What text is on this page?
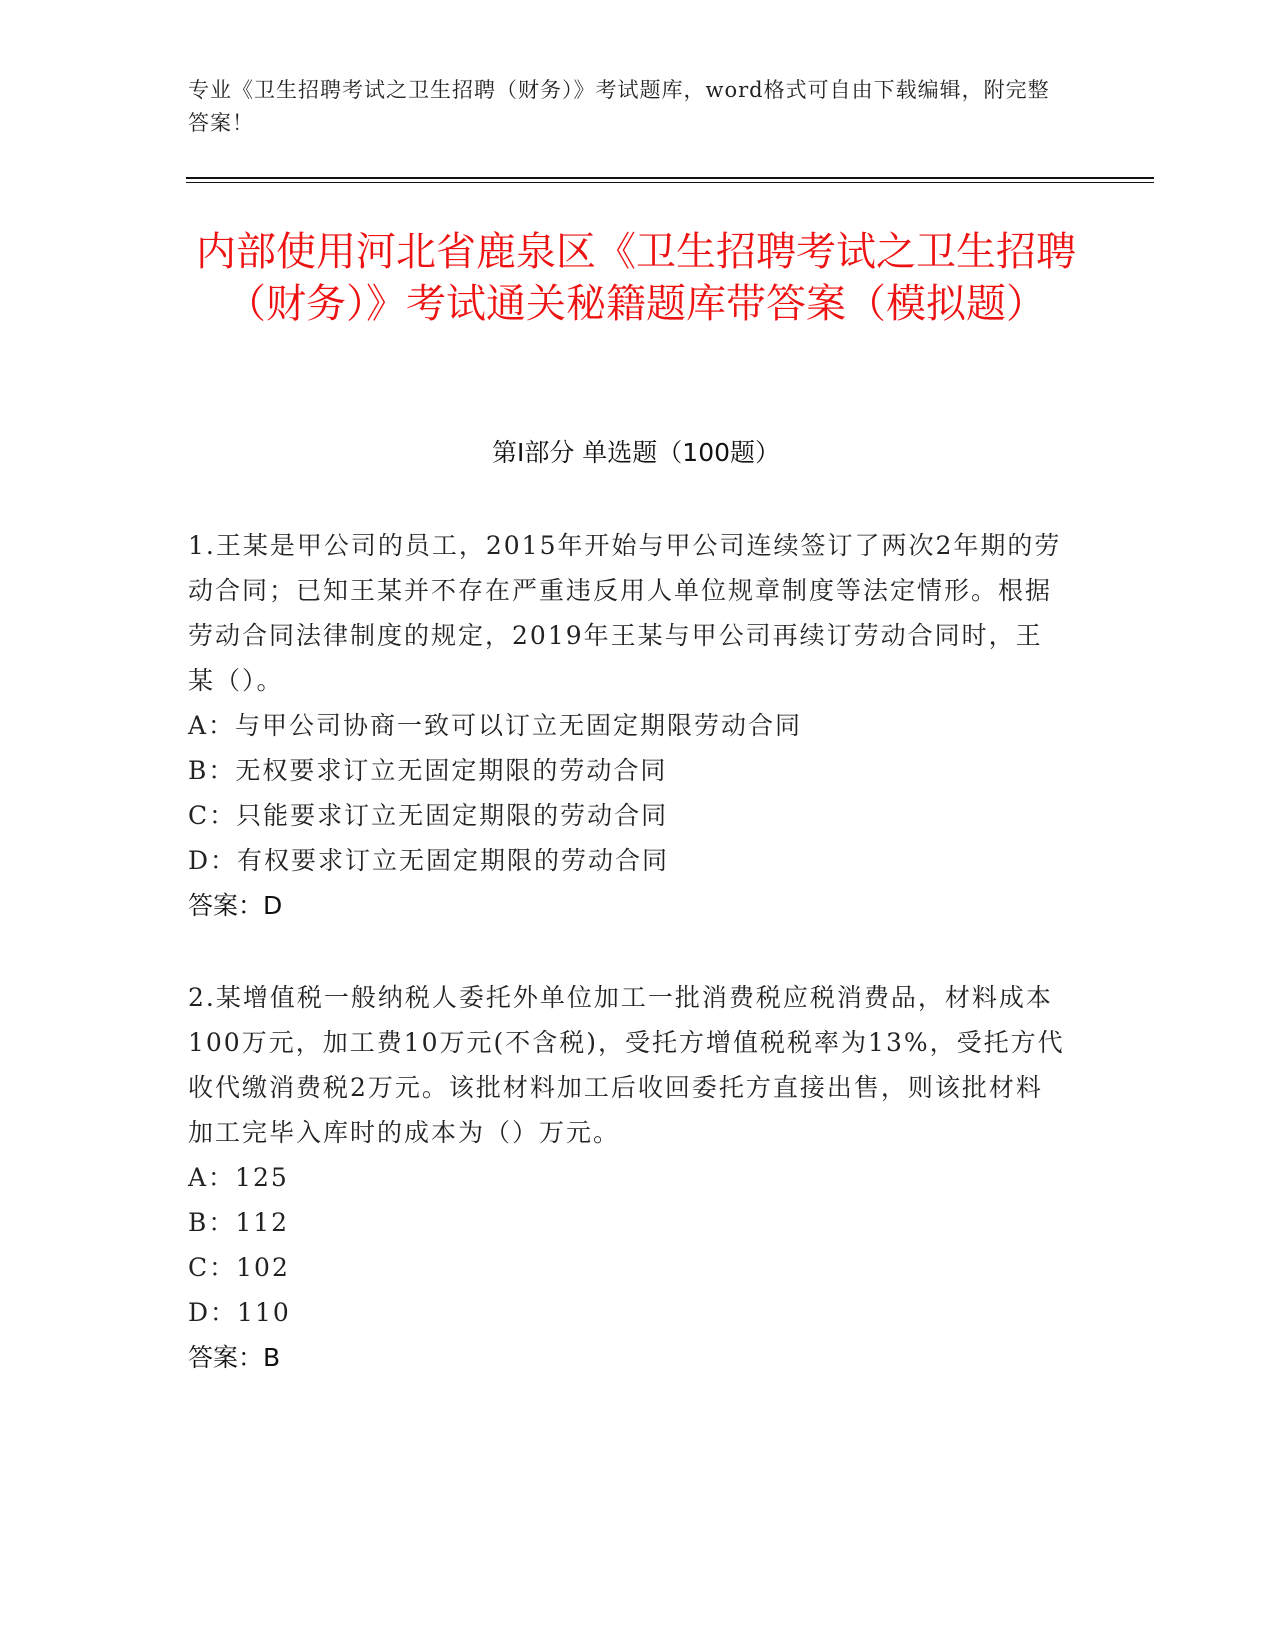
专业《卫生招聘考试之卫生招聘（财务）》考试题库，word格式可自由下载编辑，附完整答案！
内部使用河北省鹿泉区《卫生招聘考试之卫生招聘（财务）》考试通关秘籍题库带答案（模拟题）
第Ⅰ部分 单选题（100题）

1.王某是甲公司的员工，2015年开始与甲公司连续签订了两次2年期的劳动合同；已知王某并不存在严重违反用人单位规章制度等法定情形。根据劳动合同法律制度的规定，2019年王某与甲公司再续订劳动合同时，王某（）。

A：与甲公司协商一致可以订立无固定期限劳动合同

B：无权要求订立无固定期限的劳动合同

C：只能要求订立无固定期限的劳动合同

D：有权要求订立无固定期限的劳动合同

答案：D

2.某增值税一般纳税人委托外单位加工一批消费税应税消费品，材料成本100万元，加工费10万元(不含税)，受托方增值税税率为13%，受托方代收代缴消费税2万元。该批材料加工后收回委托方直接出售，则该批材料加工完毕入库时的成本为（）万元。

A：125

B：112

C：102

D：110

答案：B
